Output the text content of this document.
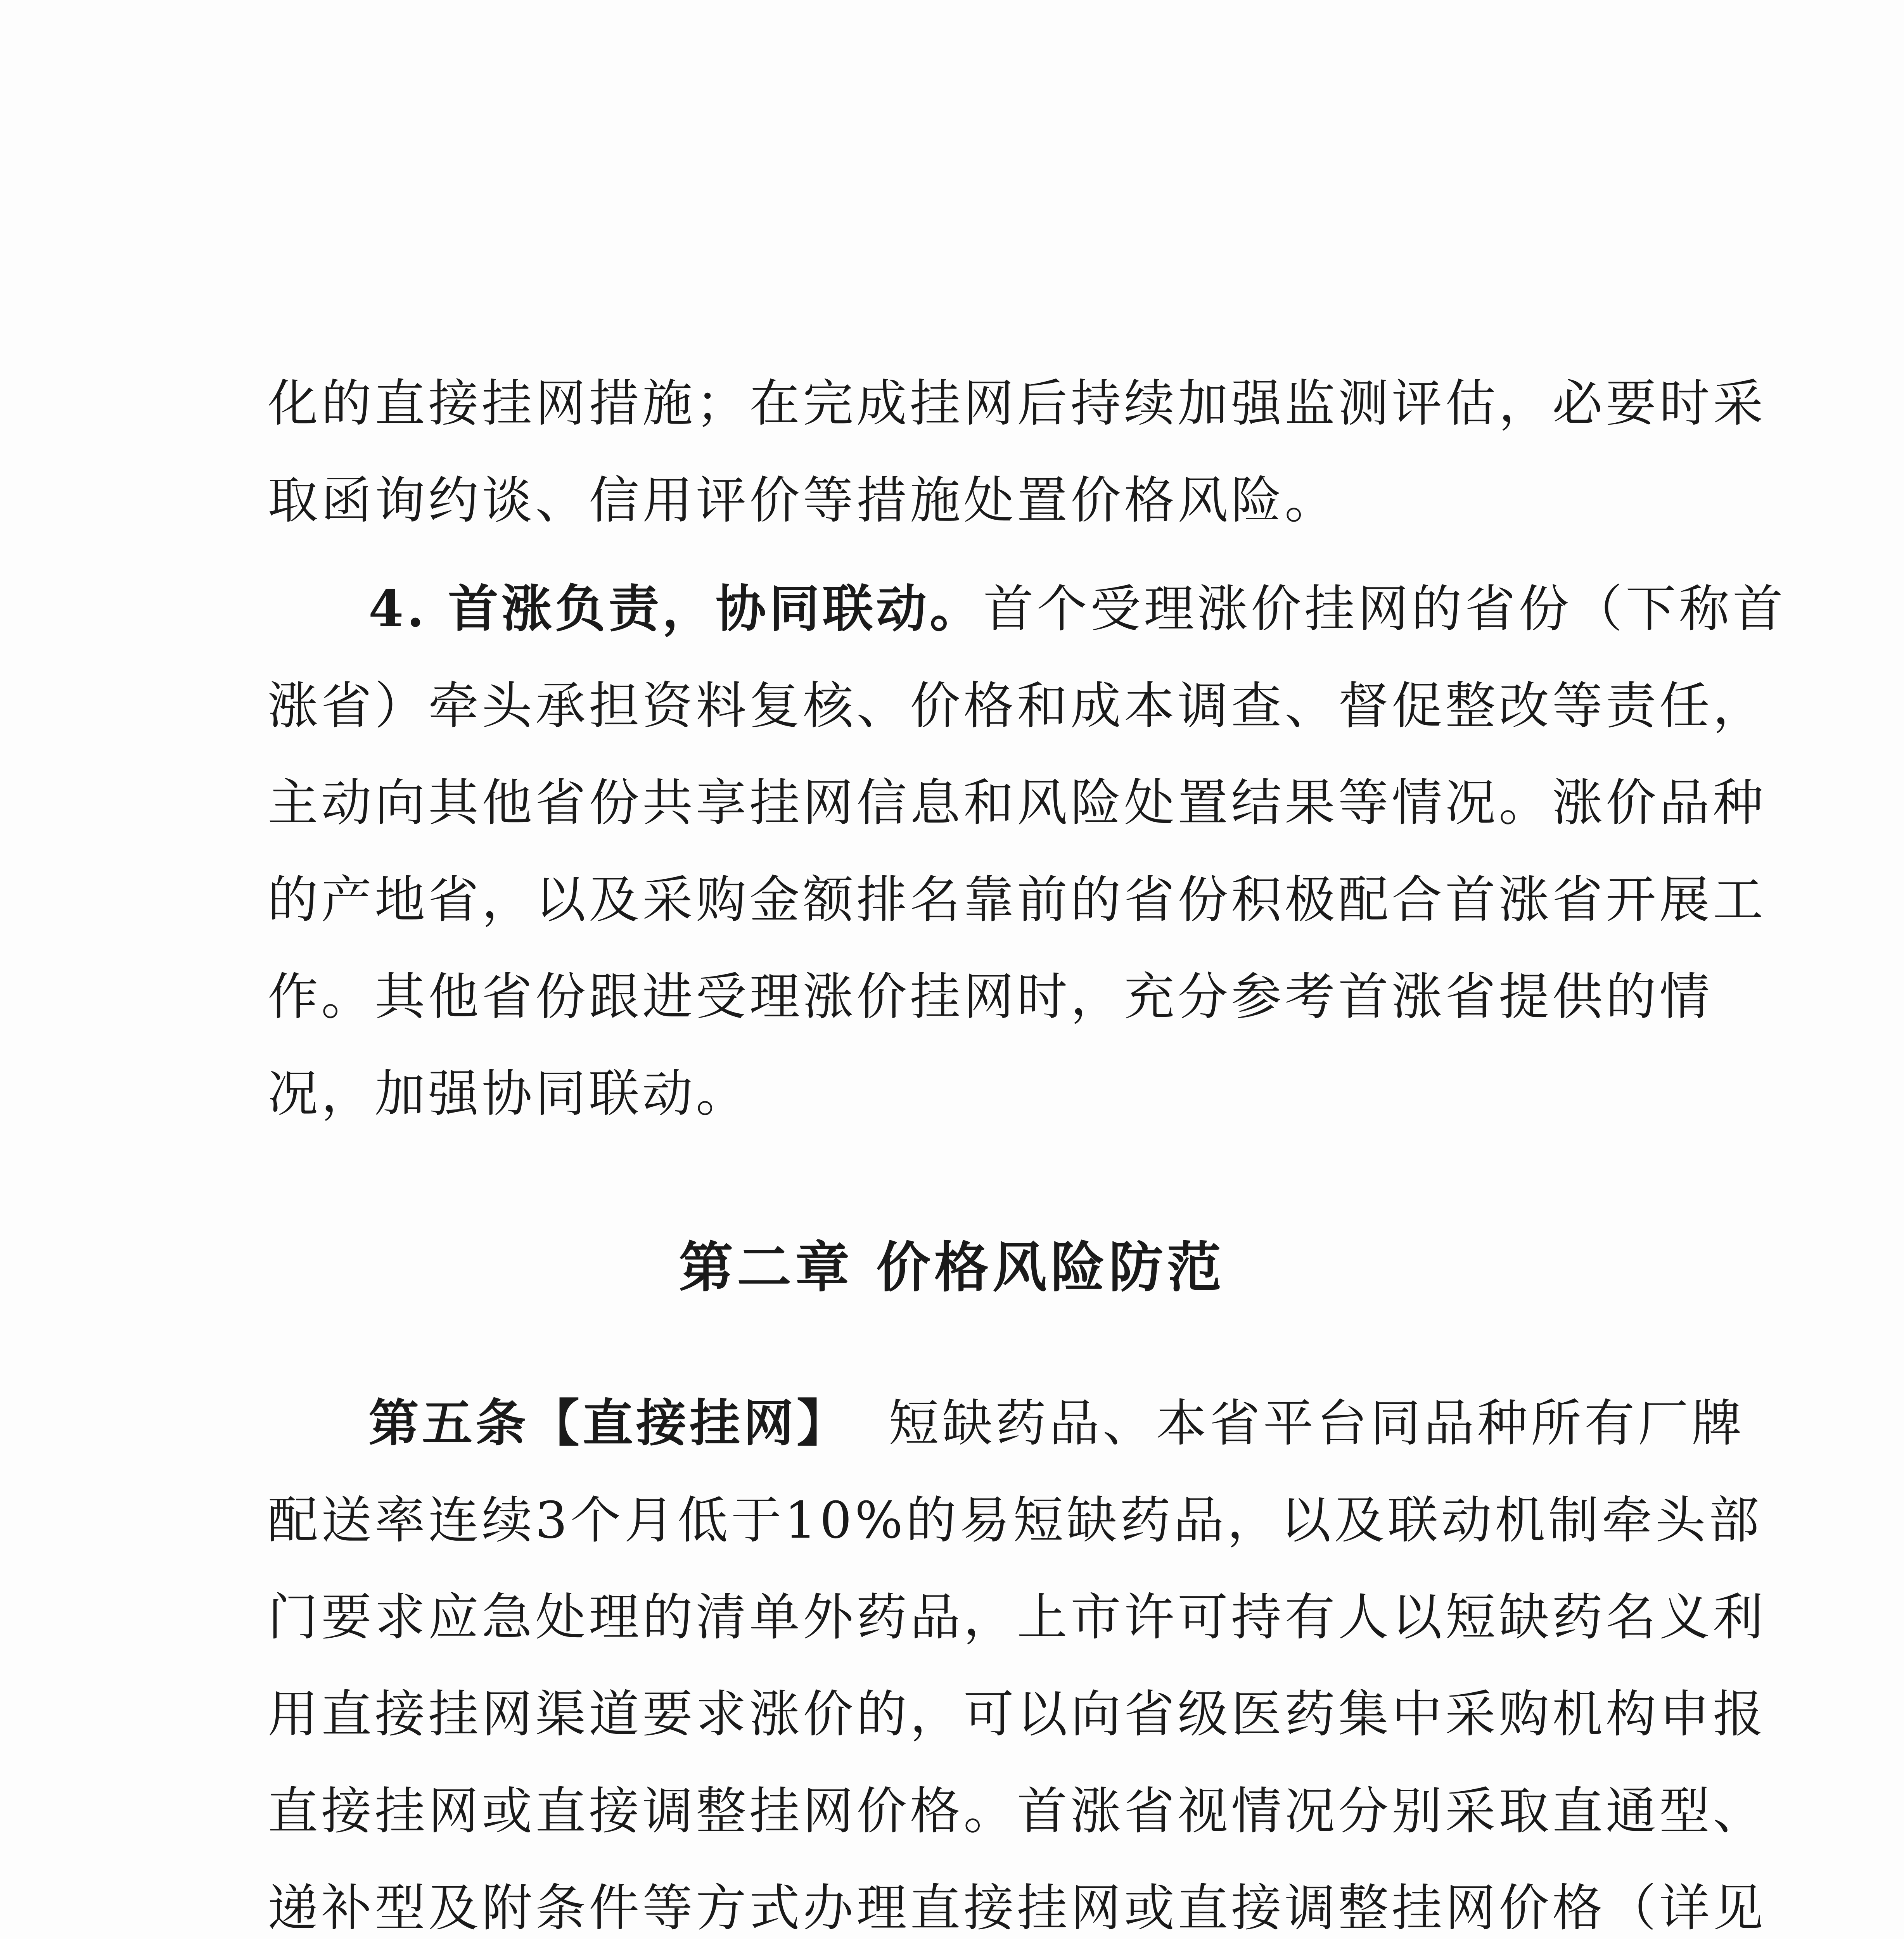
化的直接挂网措施；在完成挂网后持续加强监测评估，必要时采
取函询约谈、信用评价等措施处置价格风险。
4. 首涨负责，协同联动。首个受理涨价挂网的省份（下称首
涨省）牵头承担资料复核、价格和成本调查、督促整改等责任，
主动向其他省份共享挂网信息和风险处置结果等情况。涨价品种
的产地省，以及采购金额排名靠前的省份积极配合首涨省开展工
作。其他省份跟进受理涨价挂网时，充分参考首涨省提供的情
况，加强协同联动。
第五条【直接挂网】  短缺药品、本省平台同品种所有厂牌
配送率连续3个月低于10%的易短缺药品，以及联动机制牵头部
门要求应急处理的清单外药品，上市许可持有人以短缺药名义利
用直接挂网渠道要求涨价的，可以向省级医药集中采购机构申报
直接挂网或直接调整挂网价格。首涨省视情况分别采取直通型、
递补型及附条件等方式办理直接挂网或直接调整挂网价格（详见
第二章 价格风险防范
